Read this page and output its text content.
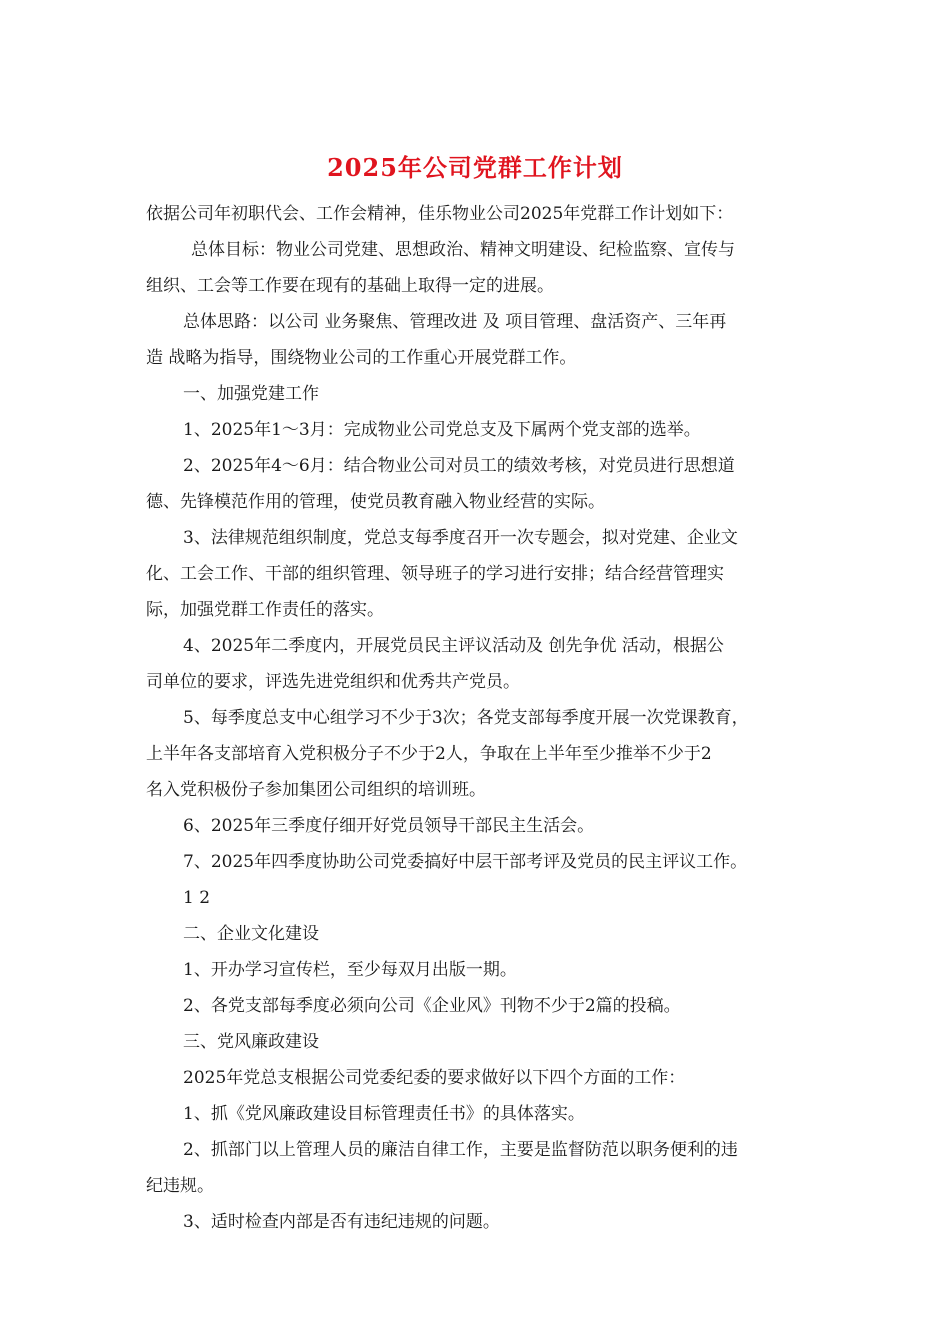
2025年公司党群工作计划

依据公司年初职代会、工作会精神，佳乐物业公司2025年党群工作计划如下：

总体目标：物业公司党建、思想政治、精神文明建设、纪检监察、宣传与

组织、工会等工作要在现有的基础上取得一定的进展。

总体思路：以公司 业务聚焦、管理改进 及 项目管理、盘活资产、三年再

造 战略为指导，围绕物业公司的工作重心开展党群工作。

一、加强党建工作

1、2025年1～3月：完成物业公司党总支及下属两个党支部的选举。

2、2025年4～6月：结合物业公司对员工的绩效考核，对党员进行思想道

德、先锋模范作用的管理，使党员教育融入物业经营的实际。

3、法律规范组织制度，党总支每季度召开一次专题会，拟对党建、企业文

化、工会工作、干部的组织管理、领导班子的学习进行安排；结合经营管理实

际，加强党群工作责任的落实。

4、2025年二季度内，开展党员民主评议活动及 创先争优 活动，根据公

司单位的要求，评选先进党组织和优秀共产党员。

5、每季度总支中心组学习不少于3次；各党支部每季度开展一次党课教育，

上半年各支部培育入党积极分子不少于2人，争取在上半年至少推举不少于2

名入党积极份子参加集团公司组织的培训班。

6、2025年三季度仔细开好党员领导干部民主生活会。

7、2025年四季度协助公司党委搞好中层干部考评及党员的民主评议工作。

1 2

二、企业文化建设

1、开办学习宣传栏，至少每双月出版一期。

2、各党支部每季度必须向公司《企业风》刊物不少于2篇的投稿。

三、党风廉政建设

2025年党总支根据公司党委纪委的要求做好以下四个方面的工作：

1、抓《党风廉政建设目标管理责任书》的具体落实。

2、抓部门以上管理人员的廉洁自律工作，主要是监督防范以职务便利的违

纪违规。

3、适时检查内部是否有违纪违规的问题。
